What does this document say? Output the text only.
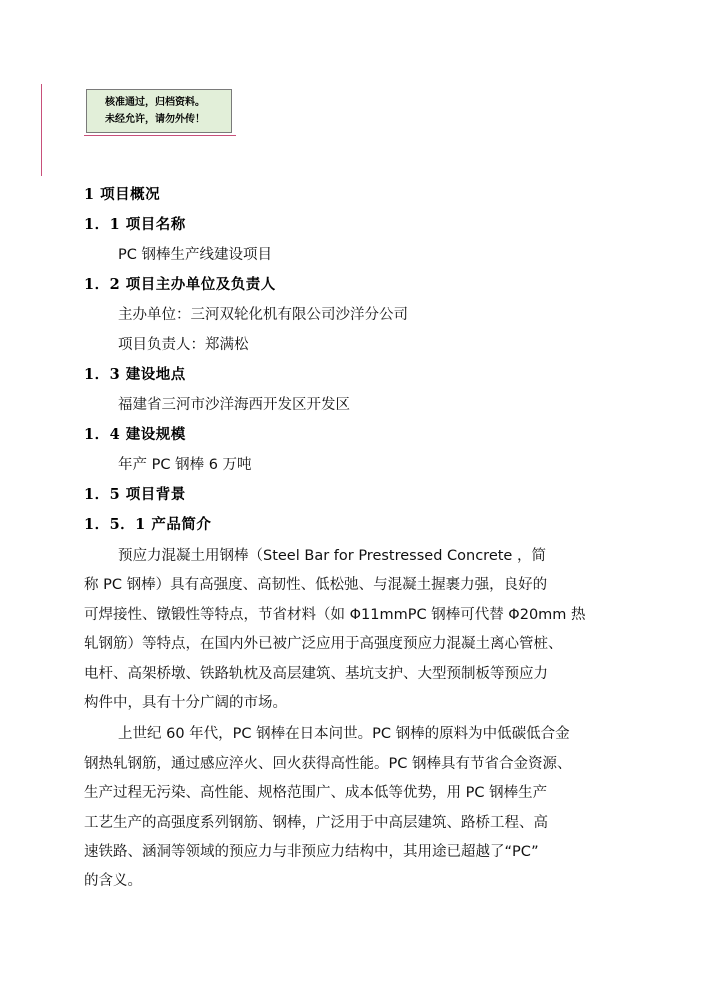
核准通过，归档资料。
未经允许，请勿外传！
1 项目概况
1．1 项目名称
PC 钢棒生产线建设项目
1．2 项目主办单位及负责人
主办单位：三河双轮化机有限公司沙洋分公司
项目负责人：郑满松
1．3 建设地点
福建省三河市沙洋海西开发区开发区
1．4 建设规模
年产 PC 钢棒 6 万吨
1．5 项目背景
1．5．1 产品简介
预应力混凝土用钢棒（Steel Bar for Prestressed Concrete ，简
称 PC 钢棒）具有高强度、高韧性、低松弛、与混凝土握裹力强，良好的
可焊接性、镦锻性等特点，节省材料（如 Φ11mmPC 钢棒可代替 Φ20mm 热
轧钢筋）等特点，在国内外已被广泛应用于高强度预应力混凝土离心管桩、
电杆、高架桥墩、铁路轨枕及高层建筑、基坑支护、大型预制板等预应力
构件中，具有十分广阔的市场。
上世纪 60 年代，PC 钢棒在日本问世。PC 钢棒的原料为中低碳低合金
钢热轧钢筋，通过感应淬火、回火获得高性能。PC 钢棒具有节省合金资源、
生产过程无污染、高性能、规格范围广、成本低等优势，用 PC 钢棒生产
工艺生产的高强度系列钢筋、钢棒，广泛用于中高层建筑、路桥工程、高
速铁路、涵洞等领域的预应力与非预应力结构中，其用途已超越了“PC”
的含义。
